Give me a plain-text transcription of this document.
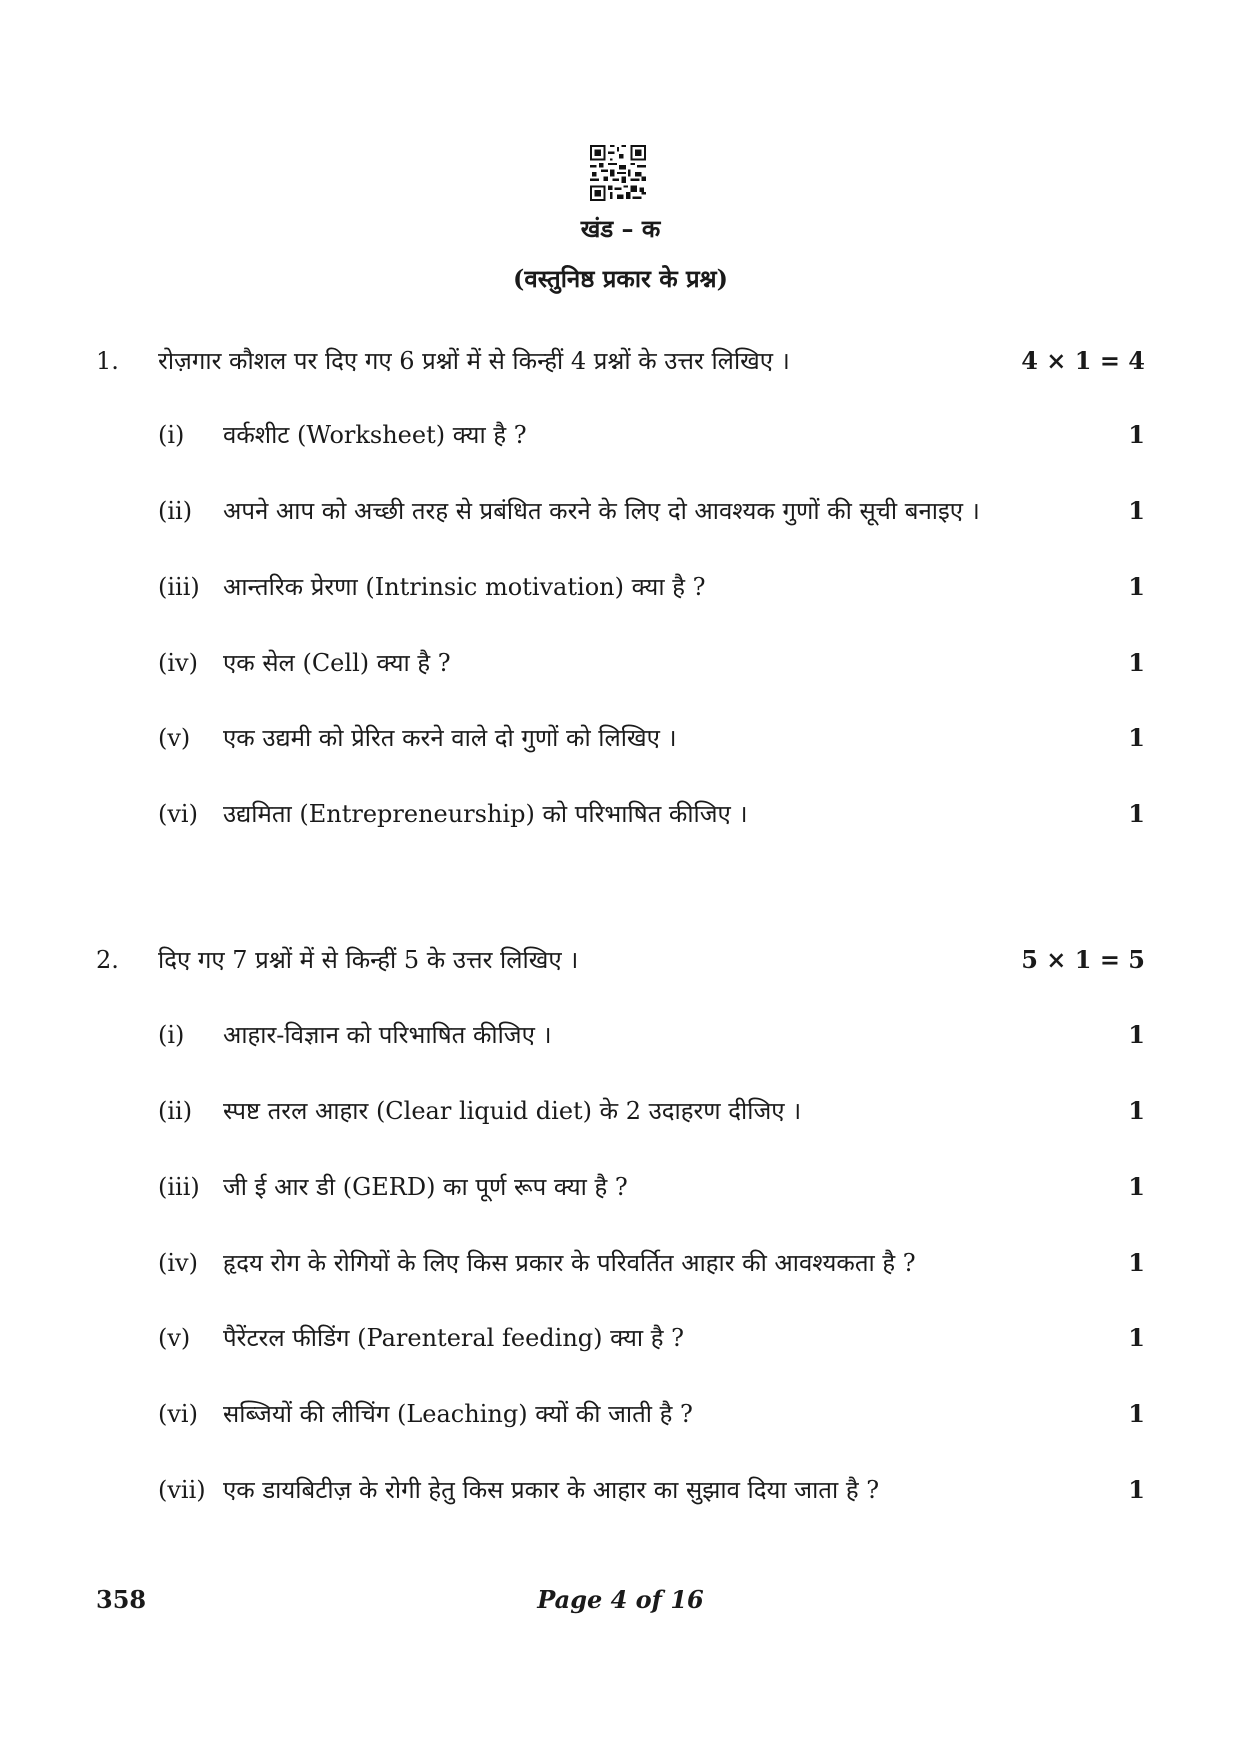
खंड – क
(वस्तुनिष्ठ प्रकार के प्रश्न)
1. रोज़गार कौशल पर दिए गए 6 प्रश्नों में से किन्हीं 4 प्रश्नों के उत्तर लिखिए ।	4 × 1 = 4
(i) वर्कशीट (Worksheet) क्या है ?	1
(ii) अपने आप को अच्छी तरह से प्रबंधित करने के लिए दो आवश्यक गुणों की सूची बनाइए ।	1
(iii) आन्तरिक प्रेरणा (Intrinsic motivation) क्या है ?	1
(iv) एक सेल (Cell) क्या है ?	1
(v) एक उद्यमी को प्रेरित करने वाले दो गुणों को लिखिए ।	1
(vi) उद्यमिता (Entrepreneurship) को परिभाषित कीजिए ।	1
2. दिए गए 7 प्रश्नों में से किन्हीं 5 के उत्तर लिखिए ।	5 × 1 = 5
(i) आहार-विज्ञान को परिभाषित कीजिए ।	1
(ii) स्पष्ट तरल आहार (Clear liquid diet) के 2 उदाहरण दीजिए ।	1
(iii) जी ई आर डी (GERD) का पूर्ण रूप क्या है ?	1
(iv) हृदय रोग के रोगियों के लिए किस प्रकार के परिवर्तित आहार की आवश्यकता है ?	1
(v) पैरेंटरल फीडिंग (Parenteral feeding) क्या है ?	1
(vi) सब्जियों की लीचिंग (Leaching) क्यों की जाती है ?	1
(vii) एक डायबिटीज़ के रोगी हेतु किस प्रकार के आहार का सुझाव दिया जाता है ?	1
358	Page 4 of 16
